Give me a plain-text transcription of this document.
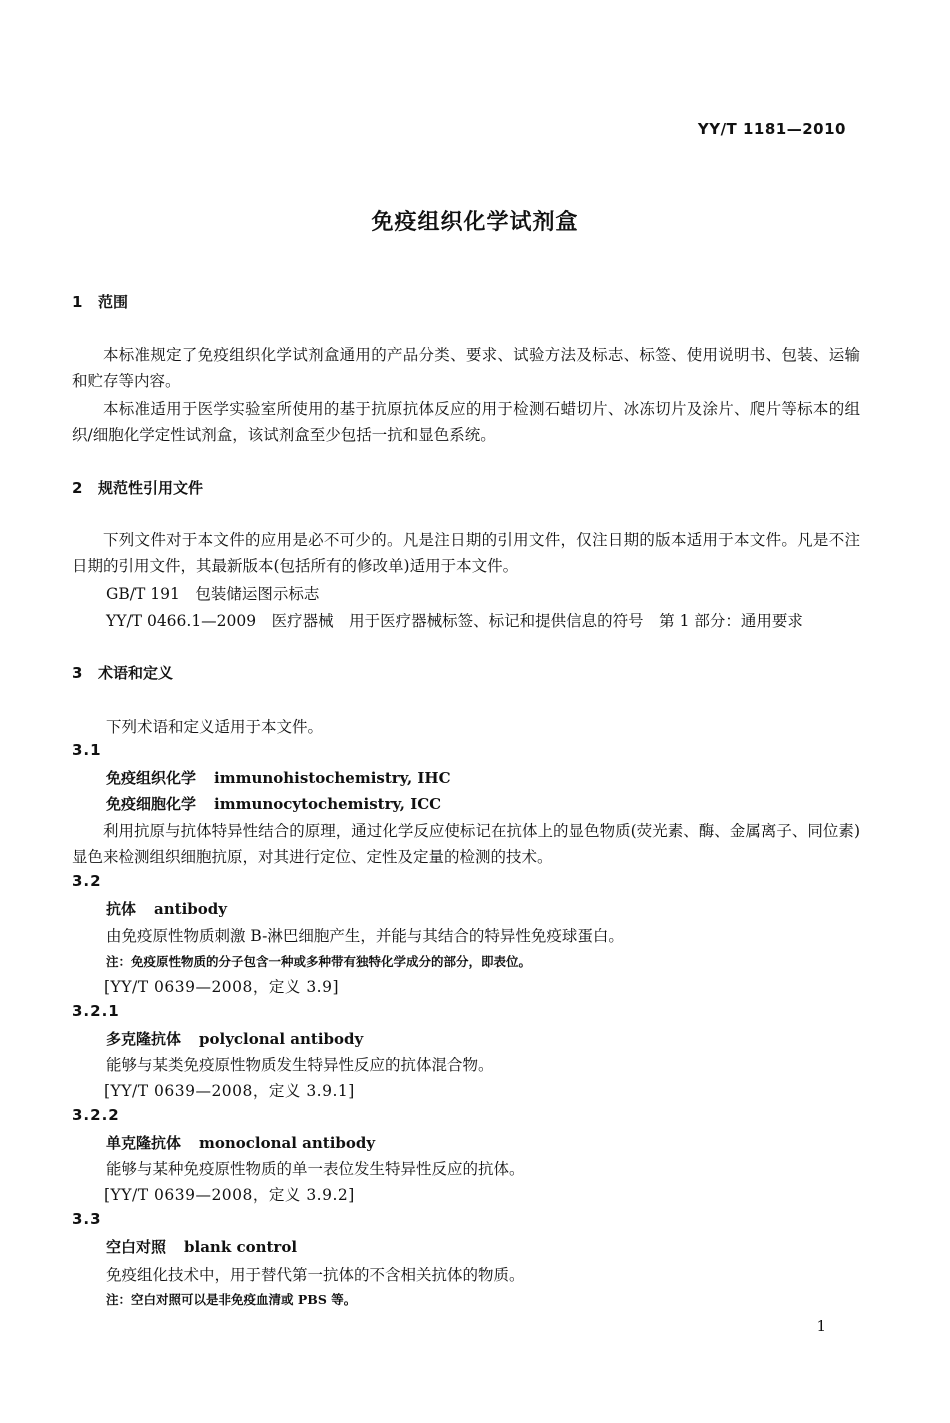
YY/T 1181—2010
免疫组织化学试剂盒
1 范围
本标准规定了免疫组织化学试剂盒通用的产品分类、要求、试验方法及标志、标签、使用说明书、包装、运输和贮存等内容。
本标准适用于医学实验室所使用的基于抗原抗体反应的用于检测石蜡切片、冰冻切片及涂片、爬片等标本的组织/细胞化学定性试剂盒，该试剂盒至少包括一抗和显色系统。
2 规范性引用文件
下列文件对于本文件的应用是必不可少的。凡是注日期的引用文件，仅注日期的版本适用于本文件。凡是不注日期的引用文件，其最新版本(包括所有的修改单)适用于本文件。
GB/T 191　包装储运图示标志
YY/T 0466.1—2009　医疗器械　用于医疗器械标签、标记和提供信息的符号　第 1 部分：通用要求
3 术语和定义
下列术语和定义适用于本文件。
3.1
免疫组织化学 immunohistochemistry, IHC
免疫细胞化学 immunocytochemistry, ICC
利用抗原与抗体特异性结合的原理，通过化学反应使标记在抗体上的显色物质(荧光素、酶、金属离子、同位素)显色来检测组织细胞抗原，对其进行定位、定性及定量的检测的技术。
3.2
抗体 antibody
由免疫原性物质刺激 B-淋巴细胞产生，并能与其结合的特异性免疫球蛋白。
注：免疫原性物质的分子包含一种或多种带有独特化学成分的部分，即表位。
[YY/T 0639—2008，定义 3.9]
3.2.1
多克隆抗体 polyclonal antibody
能够与某类免疫原性物质发生特异性反应的抗体混合物。
[YY/T 0639—2008，定义 3.9.1]
3.2.2
单克隆抗体 monoclonal antibody
能够与某种免疫原性物质的单一表位发生特异性反应的抗体。
[YY/T 0639—2008，定义 3.9.2]
3.3
空白对照 blank control
免疫组化技术中，用于替代第一抗体的不含相关抗体的物质。
注：空白对照可以是非免疫血清或 PBS 等。
1
